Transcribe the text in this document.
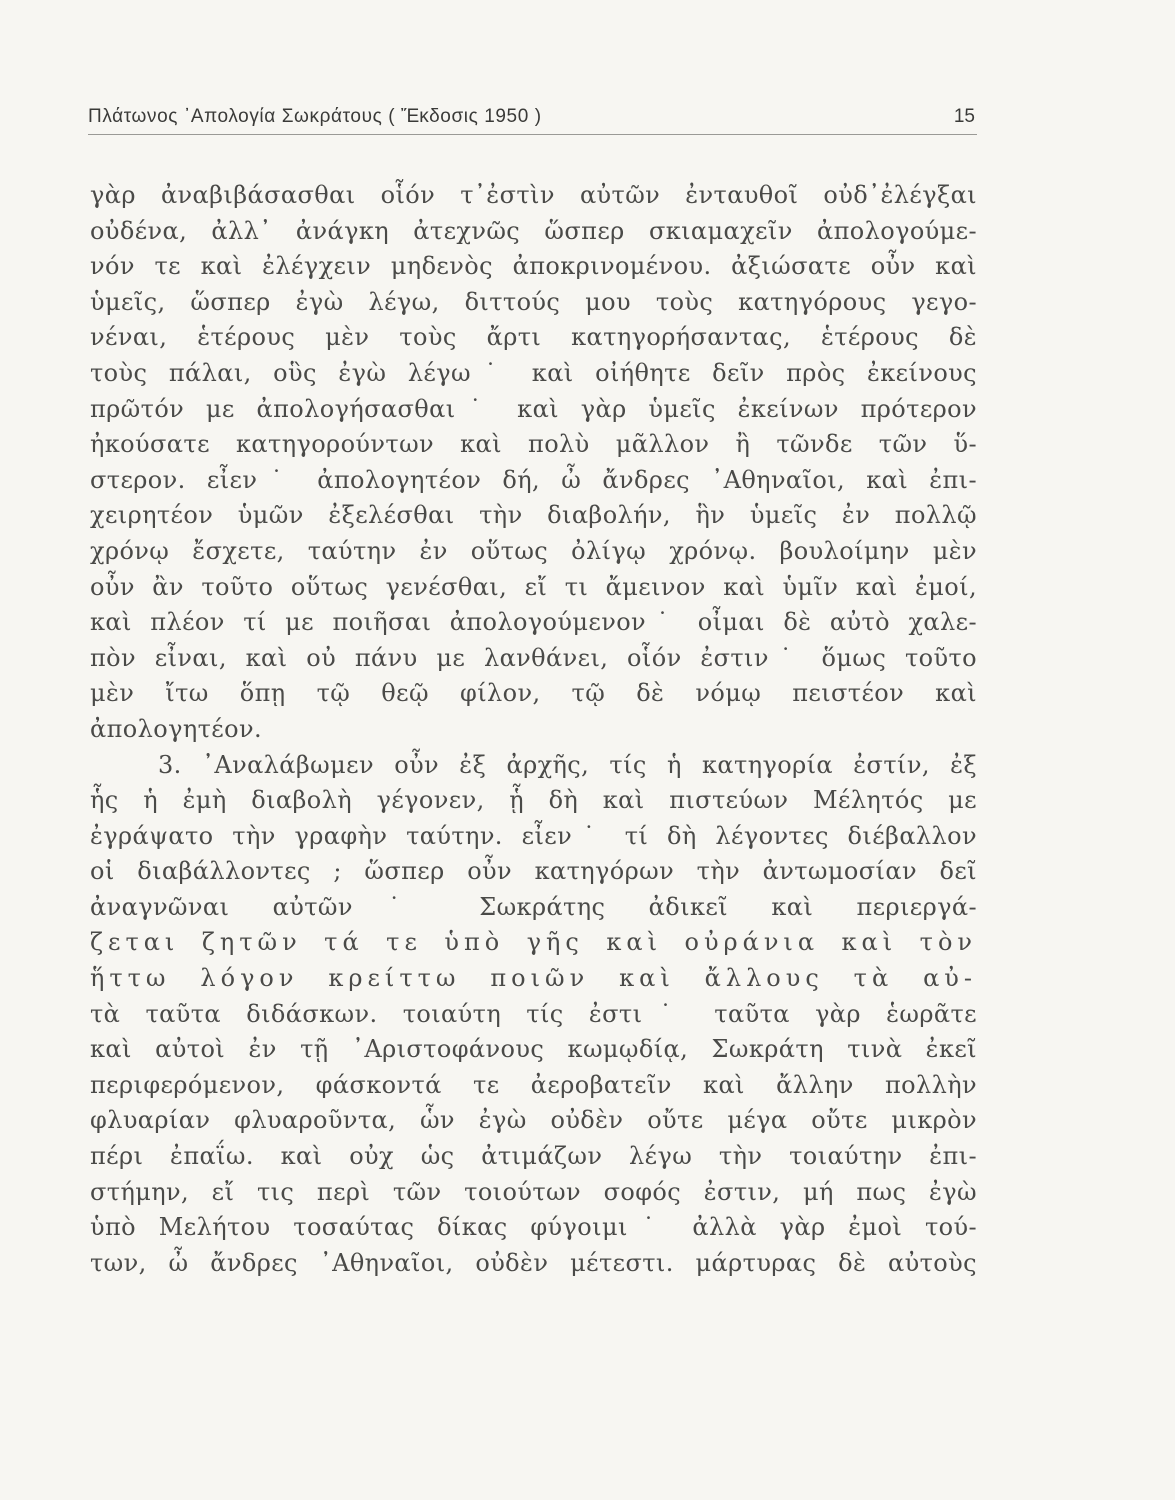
Πλάτωνος ᾽Απολογία Σωκράτους ( Ἔκδοσις 1950 )	15
γὰρ ἀναβιβάσασθαι οἷόν τ᾽ἐστὶν αὐτῶν ἐνταυθοῖ οὐδ᾽ἐλέγξαι
οὐδένα, ἀλλ᾽ ἀνάγκη ἀτεχνῶς ὥσπερ σκιαμαχεῖν ἀπολογούμε-
νόν τε καὶ ἐλέγχειν μηδενὸς ἀποκρινομένου. ἀξιώσατε οὖν καὶ
ὑμεῖς, ὥσπερ ἐγὼ λέγω, διττούς μου τοὺς κατηγόρους γεγο-
νέναι, ἑτέρους μὲν τοὺς ἄρτι κατηγορήσαντας, ἑτέρους δὲ
τοὺς πάλαι, οὓς ἐγὼ λέγω˙ καὶ οἰήθητε δεῖν πρὸς ἐκείνους
πρῶτόν με ἀπολογήσασθαι˙ καὶ γὰρ ὑμεῖς ἐκείνων πρότερον
ἠκούσατε κατηγορούντων καὶ πολὺ μᾶλλον ἢ τῶνδε τῶν ὕ-
στερον. εἶεν˙ ἀπολογητέον δή, ὦ ἄνδρες ᾽Αθηναῖοι, καὶ ἐπι-
χειρητέον ὑμῶν ἐξελέσθαι τὴν διαβολήν, ἣν ὑμεῖς ἐν πολλῷ
χρόνῳ ἔσχετε, ταύτην ἐν οὕτως ὀλίγῳ χρόνῳ. βουλοίμην μὲν
οὖν ἂν τοῦτο οὕτως γενέσθαι, εἴ τι ἄμεινον καὶ ὑμῖν καὶ ἐμοί,
καὶ πλέον τί με ποιῆσαι ἀπολογούμενον˙ οἶμαι δὲ αὐτὸ χαλε-
πὸν εἶναι, καὶ οὐ πάνυ με λανθάνει, οἷόν ἐστιν˙ ὅμως τοῦτο
μὲν ἴτω ὅπῃ τῷ θεῷ φίλον, τῷ δὲ νόμῳ πειστέον καὶ
ἀπολογητέον.
3. ᾽Αναλάβωμεν οὖν ἐξ ἀρχῆς, τίς ἡ κατηγορία ἐστίν, ἐξ
ἧς ἡ ἐμὴ διαβολὴ γέγονεν, ᾗ δὴ καὶ πιστεύων Μέλητός με
ἐγράψατο τὴν γραφὴν ταύτην. εἶεν˙ τί δὴ λέγοντες διέβαλλον
οἱ διαβάλλοντες ; ὥσπερ οὖν κατηγόρων τὴν ἀντωμοσίαν δεῖ
ἀναγνῶναι αὐτῶν˙ Σωκράτης ἀδικεῖ καὶ περιεργά-
ζεται ζητῶν τά τε ὑπὸ γῆς καὶ οὐράνια καὶ τὸν
ἥττω λόγον κρείττω ποιῶν καὶ ἄλλους τὰ αὐ-
τὰ ταῦτα διδάσκων. τοιαύτη τίς ἐστι˙ ταῦτα γὰρ ἑωρᾶτε
καὶ αὐτοὶ ἐν τῇ ᾽Αριστοφάνους κωμῳδίᾳ, Σωκράτη τινὰ ἐκεῖ
περιφερόμενον, φάσκοντά τε ἀεροβατεῖν καὶ ἄλλην πολλὴν
φλυαρίαν φλυαροῦντα, ὧν ἐγὼ οὐδὲν οὔτε μέγα οὔτε μικρὸν
πέρι ἐπαΐω. καὶ οὐχ ὡς ἀτιμάζων λέγω τὴν τοιαύτην ἐπι-
στήμην, εἴ τις περὶ τῶν τοιούτων σοφός ἐστιν, μή πως ἐγὼ
ὑπὸ Μελήτου τοσαύτας δίκας φύγοιμι˙ ἀλλὰ γὰρ ἐμοὶ τού-
των, ὦ ἄνδρες ᾽Αθηναῖοι, οὐδὲν μέτεστι. μάρτυρας δὲ αὐτοὺς
